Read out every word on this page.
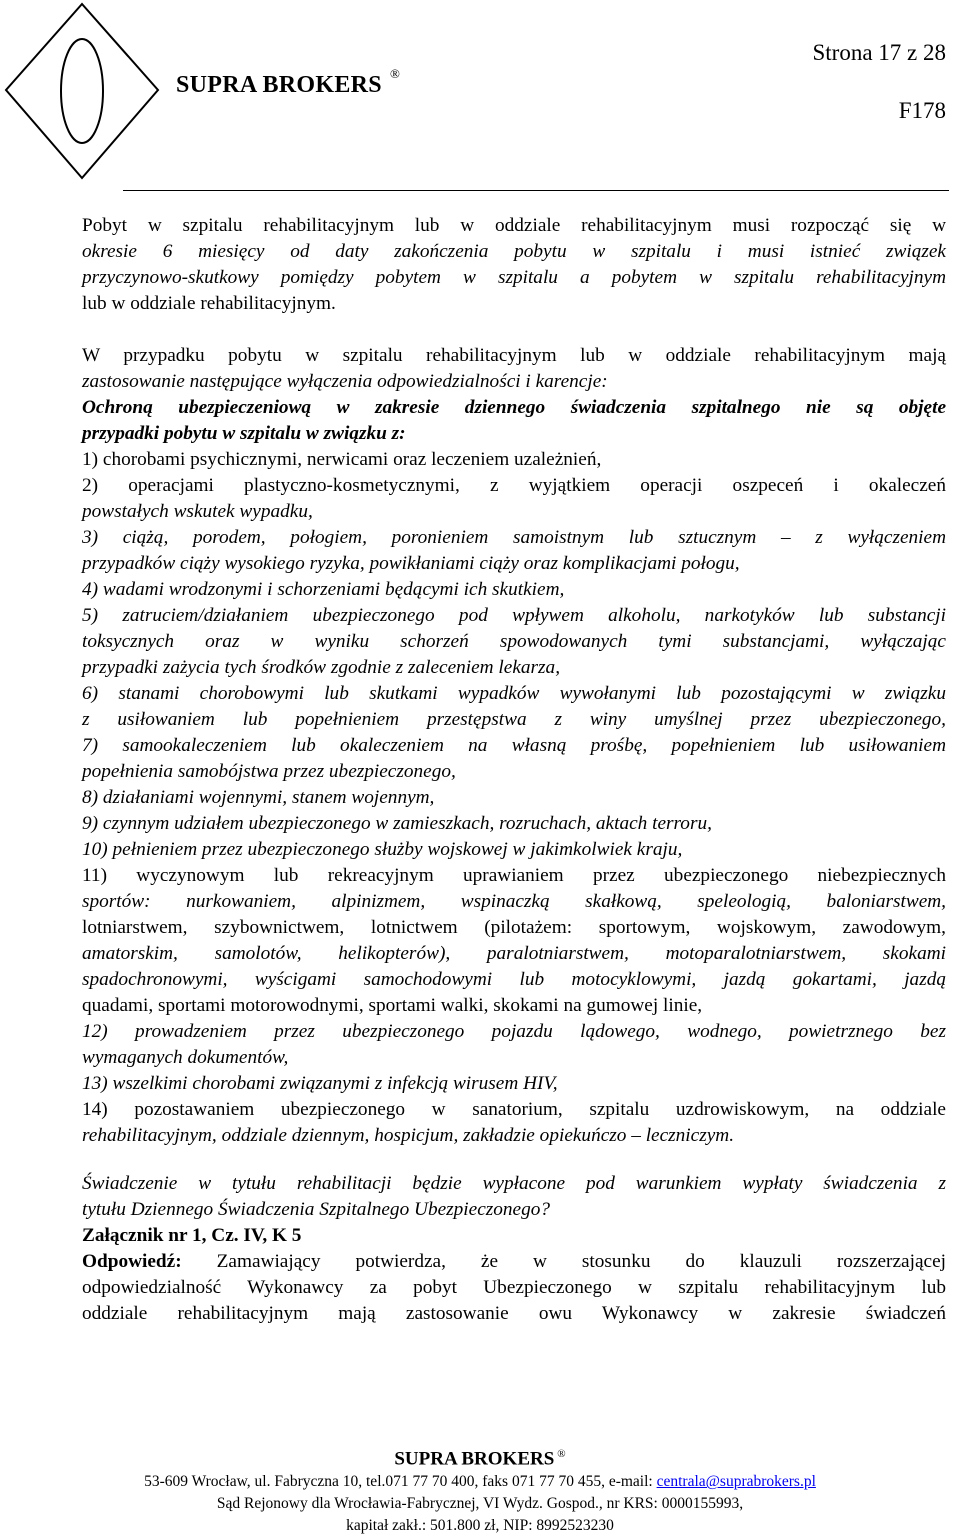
SUPRA BROKERS ®
Strona 17 z 28
F178
Pobyt w szpitalu rehabilitacyjnym lub w oddziale rehabilitacyjnym musi rozpocząć się w
okresie 6 miesięcy od daty zakończenia pobytu w szpitalu i musi istnieć związek
przyczynowo-skutkowy pomiędzy pobytem w szpitalu a pobytem w szpitalu rehabilitacyjnym
lub w oddziale rehabilitacyjnym.
W przypadku pobytu w szpitalu rehabilitacyjnym lub w oddziale rehabilitacyjnym mają
zastosowanie następujące wyłączenia odpowiedzialności i karencje:
Ochroną ubezpieczeniową w zakresie dziennego świadczenia szpitalnego nie są objęte
przypadki pobytu w szpitalu w związku z:
1) chorobami psychicznymi, nerwicami oraz leczeniem uzależnień,
2) operacjami plastyczno-kosmetycznymi, z wyjątkiem operacji oszpeceń i okaleczeń
powstałych wskutek wypadku,
3) ciążą, porodem, połogiem, poronieniem samoistnym lub sztucznym – z wyłączeniem
przypadków ciąży wysokiego ryzyka, powikłaniami ciąży oraz komplikacjami połogu,
4) wadami wrodzonymi i schorzeniami będącymi ich skutkiem,
5) zatruciem/działaniem ubezpieczonego pod wpływem alkoholu, narkotyków lub substancji
toksycznych oraz w wyniku schorzeń spowodowanych tymi substancjami, wyłączając
przypadki zażycia tych środków zgodnie z zaleceniem lekarza,
6) stanami chorobowymi lub skutkami wypadków wywołanymi lub pozostającymi w związku
z usiłowaniem lub popełnieniem przestępstwa z winy umyślnej przez ubezpieczonego,
7) samookaleczeniem lub okaleczeniem na własną prośbę, popełnieniem lub usiłowaniem
popełnienia samobójstwa przez ubezpieczonego,
8) działaniami wojennymi, stanem wojennym,
9) czynnym udziałem ubezpieczonego w zamieszkach, rozruchach, aktach terroru,
10) pełnieniem przez ubezpieczonego służby wojskowej w jakimkolwiek kraju,
11) wyczynowym lub rekreacyjnym uprawianiem przez ubezpieczonego niebezpiecznych
sportów: nurkowaniem, alpinizmem, wspinaczką skałkową, speleologią, baloniarstwem,
lotniarstwem, szybownictwem, lotnictwem (pilotażem: sportowym, wojskowym, zawodowym,
amatorskim, samolotów, helikopterów), paralotniarstwem, motoparalotniarstwem, skokami
spadochronowymi, wyścigami samochodowymi lub motocyklowymi, jazdą gokartami, jazdą
quadami, sportami motorowodnymi, sportami walki, skokami na gumowej linie,
12) prowadzeniem przez ubezpieczonego pojazdu lądowego, wodnego, powietrznego bez
wymaganych dokumentów,
13) wszelkimi chorobami związanymi z infekcją wirusem HIV,
14) pozostawaniem ubezpieczonego w sanatorium, szpitalu uzdrowiskowym, na oddziale
rehabilitacyjnym, oddziale dziennym, hospicjum, zakładzie opiekuńczo – leczniczym.
Świadczenie w tytułu rehabilitacji będzie wypłacone pod warunkiem wypłaty świadczenia z
tytułu Dziennego Świadczenia Szpitalnego Ubezpieczonego?
Załącznik nr 1, Cz. IV, K 5
Odpowiedź: Zamawiający potwierdza, że w stosunku do klauzuli rozszerzającej
odpowiedzialność Wykonawcy za pobyt Ubezpieczonego w szpitalu rehabilitacyjnym lub
oddziale rehabilitacyjnym mają zastosowanie owu Wykonawcy w zakresie świadczeń
SUPRA BROKERS ®
53-609 Wrocław, ul. Fabryczna 10, tel.071 77 70 400, faks 071 77 70 455, e-mail: centrala@suprabrokers.pl
Sąd Rejonowy dla Wrocławia-Fabrycznej, VI Wydz. Gospod., nr KRS: 0000155993,
kapitał zakł.: 501.800 zł, NIP: 8992523230
